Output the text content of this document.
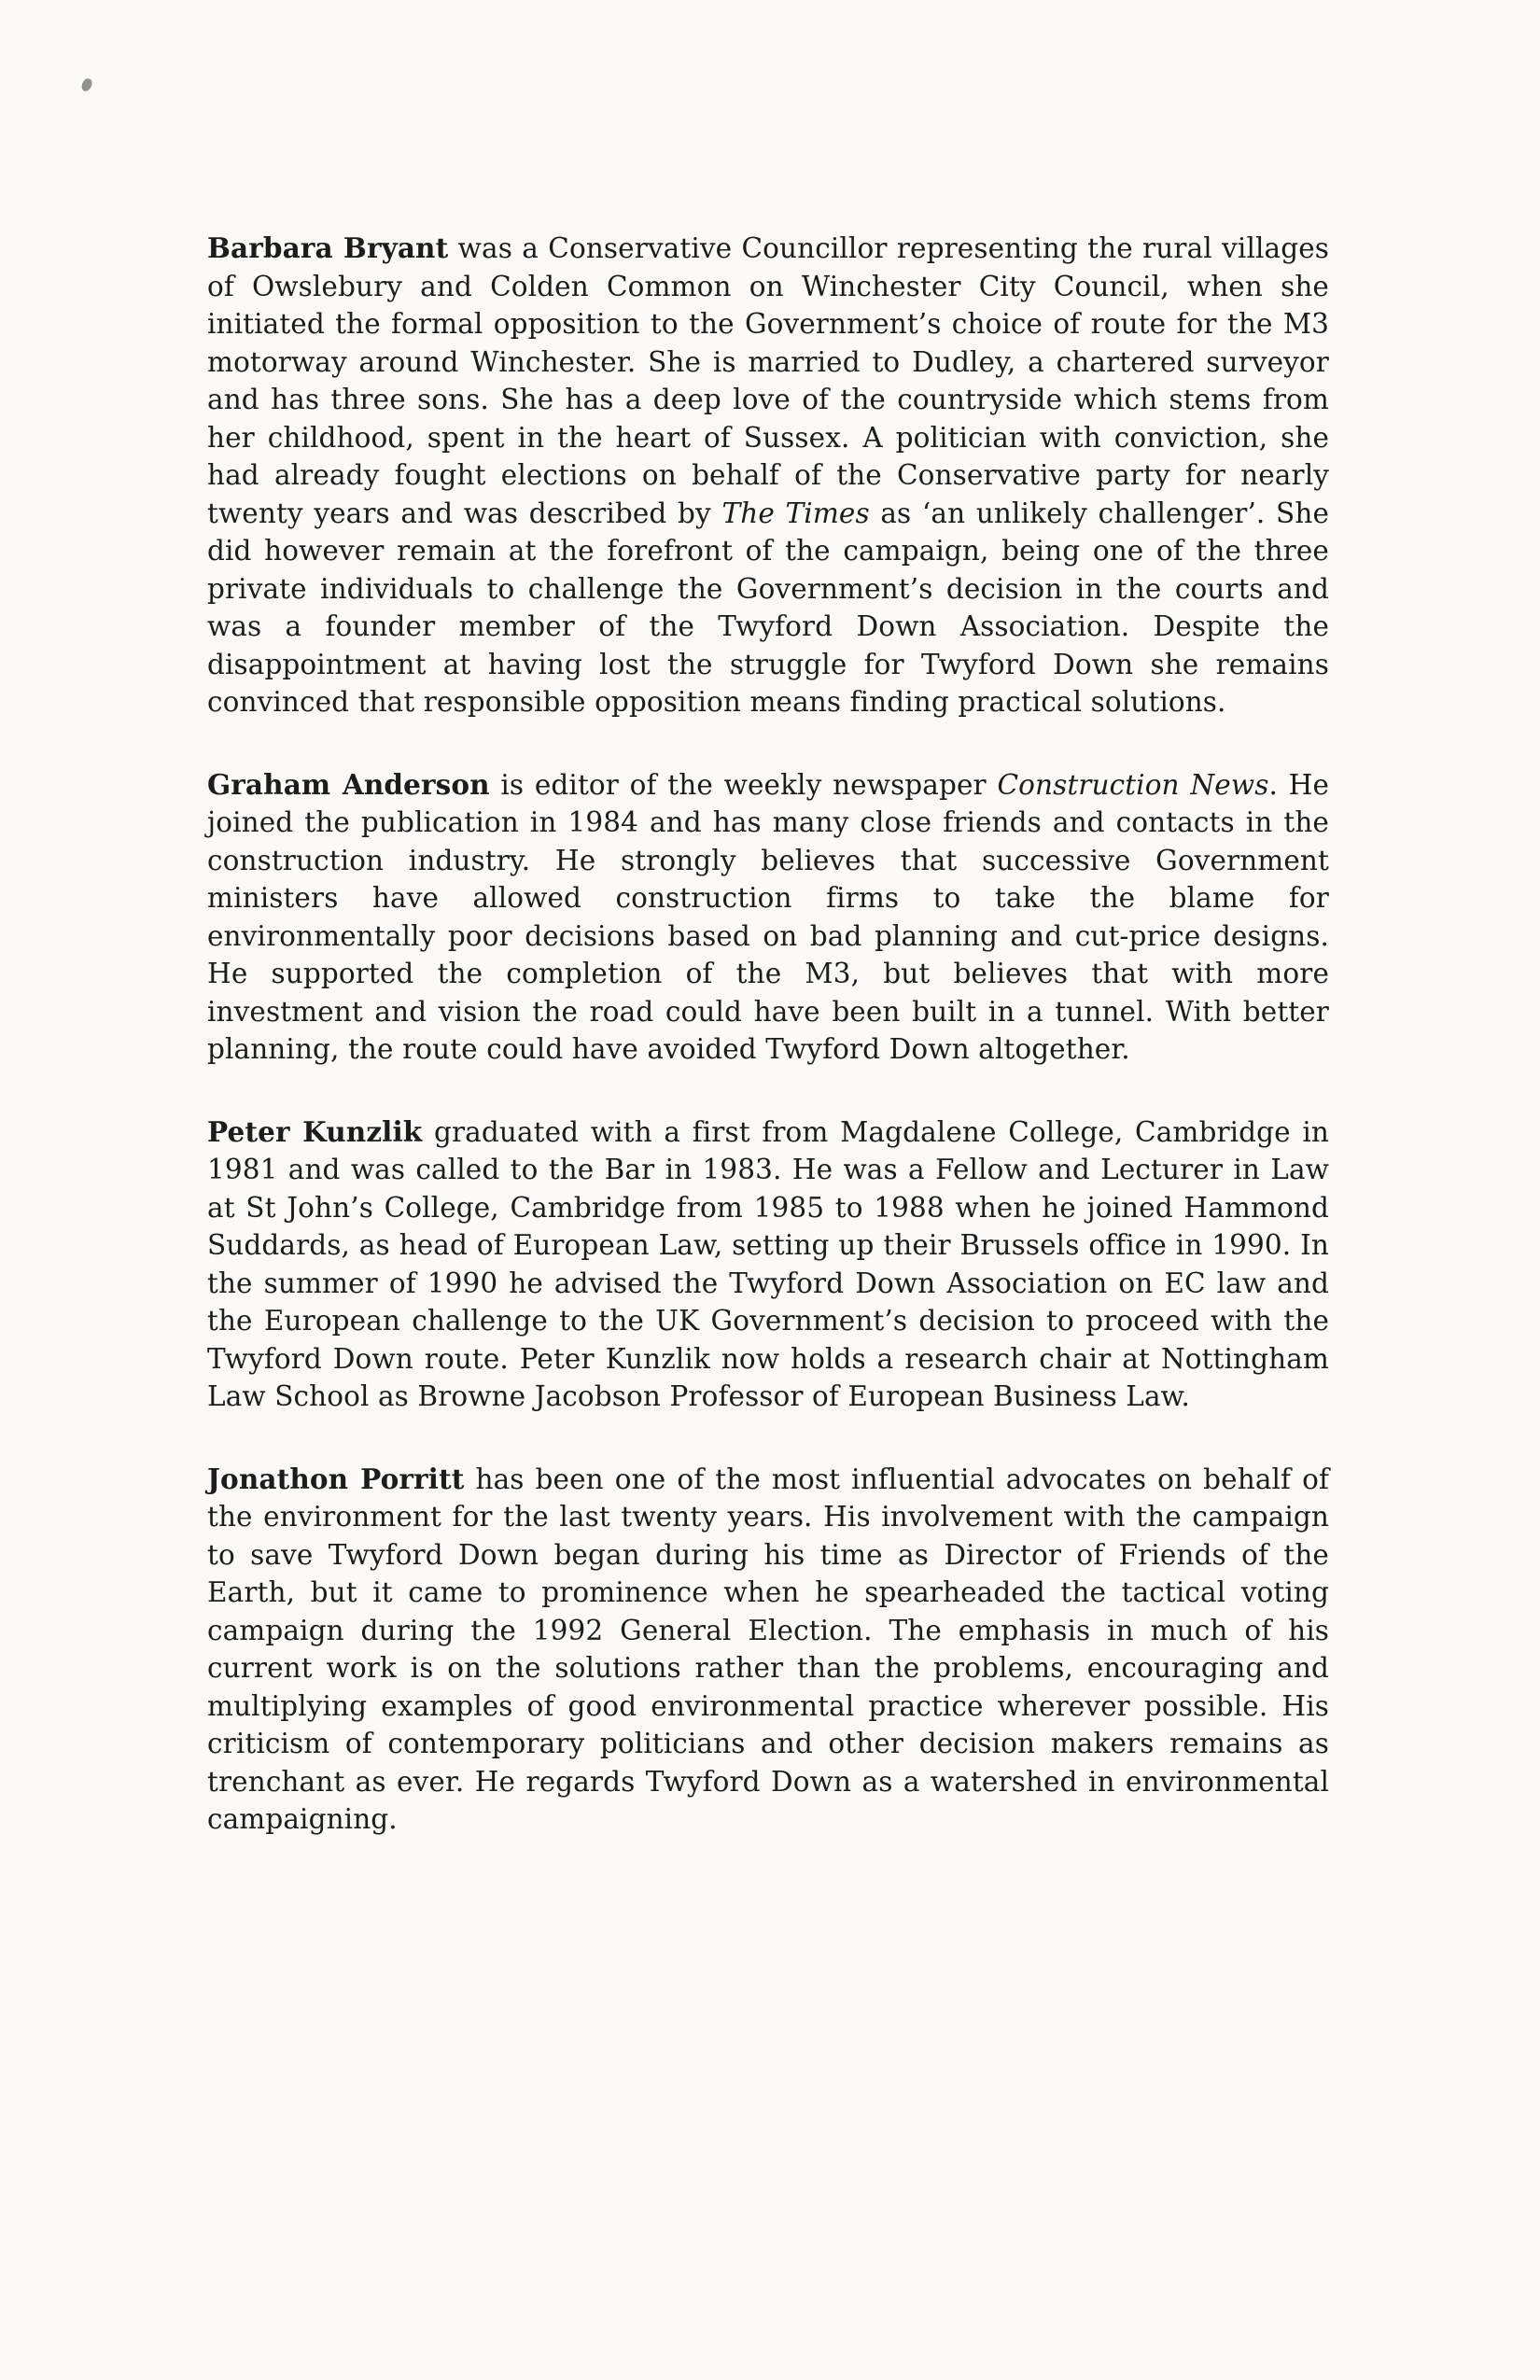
Barbara Bryant was a Conservative Councillor representing the rural villages of Owslebury and Colden Common on Winchester City Council, when she initiated the formal opposition to the Government’s choice of route for the M3 motorway around Winchester. She is married to Dudley, a chartered surveyor and has three sons. She has a deep love of the countryside which stems from her childhood, spent in the heart of Sussex. A politician with conviction, she had already fought elections on behalf of the Conservative party for nearly twenty years and was described by The Times as ‘an unlikely challenger’. She did however remain at the forefront of the campaign, being one of the three private individuals to challenge the Government’s decision in the courts and was a founder member of the Twyford Down Association. Despite the disappointment at having lost the struggle for Twyford Down she remains convinced that responsible opposition means finding practical solutions.

Graham Anderson is editor of the weekly newspaper Construction News. He joined the publication in 1984 and has many close friends and contacts in the construction industry. He strongly believes that successive Government ministers have allowed construction firms to take the blame for environmentally poor decisions based on bad planning and cut-price designs. He supported the completion of the M3, but believes that with more investment and vision the road could have been built in a tunnel. With better planning, the route could have avoided Twyford Down altogether.

Peter Kunzlik graduated with a first from Magdalene College, Cambridge in 1981 and was called to the Bar in 1983. He was a Fellow and Lecturer in Law at St John’s College, Cambridge from 1985 to 1988 when he joined Hammond Suddards, as head of European Law, setting up their Brussels office in 1990. In the summer of 1990 he advised the Twyford Down Association on EC law and the European challenge to the UK Government’s decision to proceed with the Twyford Down route. Peter Kunzlik now holds a research chair at Nottingham Law School as Browne Jacobson Professor of European Business Law.

Jonathon Porritt has been one of the most influential advocates on behalf of the environment for the last twenty years. His involvement with the campaign to save Twyford Down began during his time as Director of Friends of the Earth, but it came to prominence when he spearheaded the tactical voting campaign during the 1992 General Election. The emphasis in much of his current work is on the solutions rather than the problems, encouraging and multiplying examples of good environmental practice wherever possible. His criticism of contemporary politicians and other decision makers remains as trenchant as ever. He regards Twyford Down as a watershed in environmental campaigning.
